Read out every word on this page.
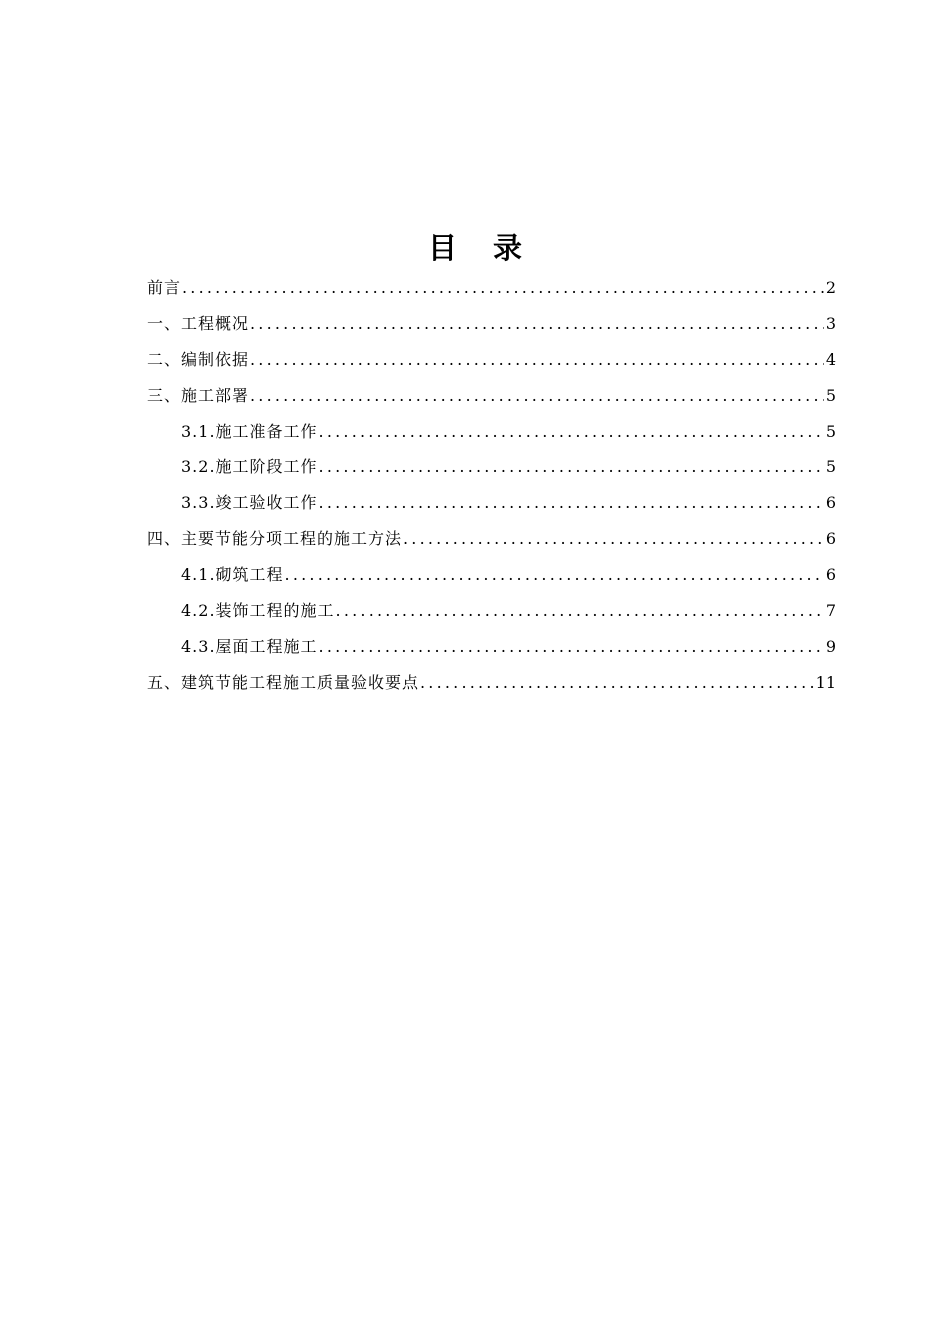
目 录
前言 .....	2
一、工程概况 .....	3
二、编制依据 .....	4
三、施工部署 .....	5
3.1.施工准备工作 .....	5
3.2.施工阶段工作 .....	5
3.3.竣工验收工作 .....	6
四、主要节能分项工程的施工方法 .....	6
4.1.砌筑工程 .....	6
4.2.装饰工程的施工 .....	7
4.3.屋面工程施工 .....	9
五、建筑节能工程施工质量验收要点 .....	11
